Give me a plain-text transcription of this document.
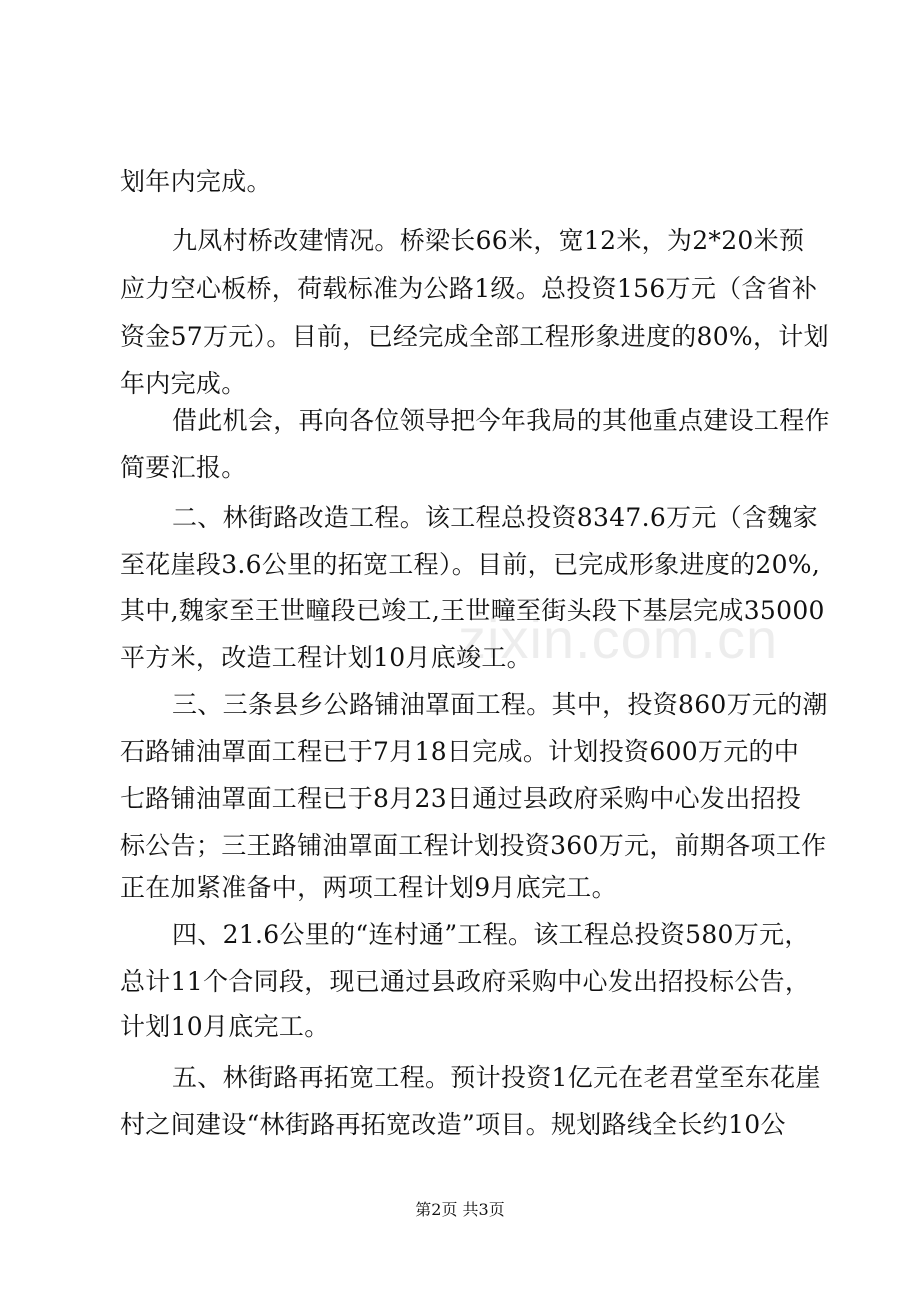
划年内完成。
九凤村桥改建情况。桥梁长66米，宽12米，为2*20米预
应力空心板桥，荷载标准为公路1级。总投资156万元（含省补
资金57万元）。目前，已经完成全部工程形象进度的80%，计划
年内完成。
借此机会，再向各位领导把今年我局的其他重点建设工程作
简要汇报。
二、林街路改造工程。该工程总投资8347.6万元（含魏家
至花崖段3.6公里的拓宽工程）。目前，已完成形象进度的20%,
其中,魏家至王世疃段已竣工,王世疃至街头段下基层完成35000
平方米，改造工程计划10月底竣工。
三、三条县乡公路铺油罩面工程。其中，投资860万元的潮
石路铺油罩面工程已于7月18日完成。计划投资600万元的中
七路铺油罩面工程已于8月23日通过县政府采购中心发出招投
标公告；三王路铺油罩面工程计划投资360万元，前期各项工作
正在加紧准备中，两项工程计划9月底完工。
四、21.6公里的“连村通”工程。该工程总投资580万元，
总计11个合同段，现已通过县政府采购中心发出招投标公告，
计划10月底完工。
五、林街路再拓宽工程。预计投资1亿元在老君堂至东花崖
村之间建设“林街路再拓宽改造”项目。规划路线全长约10公
zixin.com.cn
第2页 共3页
